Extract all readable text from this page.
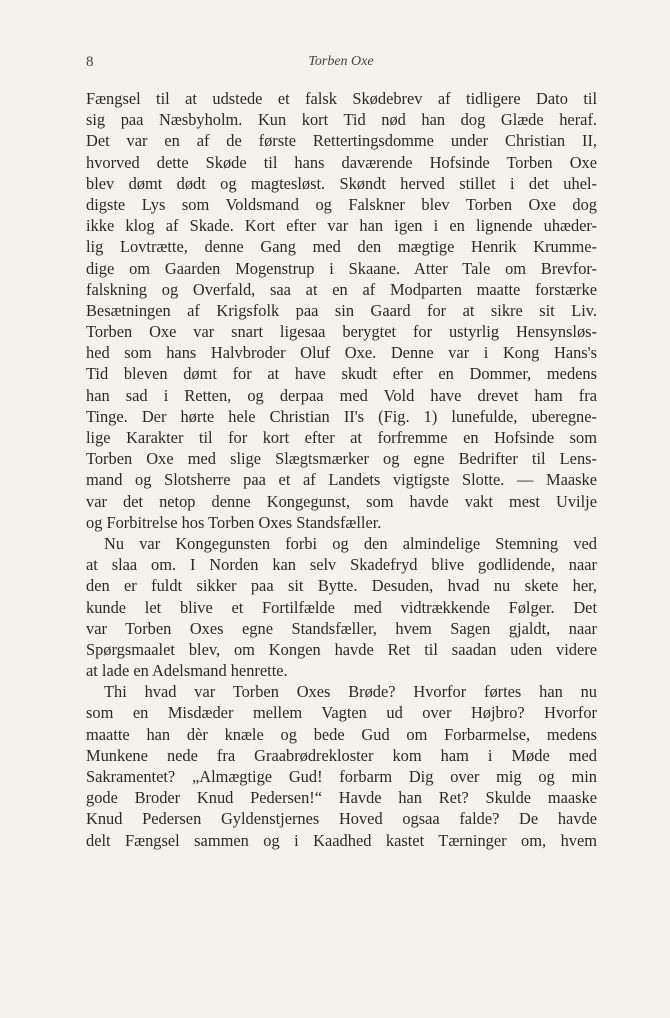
8	Torben Oxe
Fængsel til at udstede et falsk Skødebrev af tidligere Dato til
sig paa Næsbyholm. Kun kort Tid nød han dog Glæde heraf.
Det var en af de første Rettertingsdomme under Christian II,
hvorved dette Skøde til hans daværende Hofsinde Torben Oxe
blev dømt dødt og magtesløst. Skøndt herved stillet i det uhel-
digste Lys som Voldsmand og Falskner blev Torben Oxe dog
ikke klog af Skade. Kort efter var han igen i en lignende uhæder-
lig Lovtrætte, denne Gang med den mægtige Henrik Krumme-
dige om Gaarden Mogenstrup i Skaane. Atter Tale om Brevfor-
falskning og Overfald, saa at en af Modparten maatte forstærke
Besætningen af Krigsfolk paa sin Gaard for at sikre sit Liv.
Torben Oxe var snart ligesaa berygtet for ustyrlig Hensynsløs-
hed som hans Halvbroder Oluf Oxe. Denne var i Kong Hans's
Tid bleven dømt for at have skudt efter en Dommer, medens
han sad i Retten, og derpaa med Vold have drevet ham fra
Tinge. Der hørte hele Christian II's (Fig. 1) lunefulde, uberegne-
lige Karakter til for kort efter at forfremme en Hofsinde som
Torben Oxe med slige Slægtsmærker og egne Bedrifter til Lens-
mand og Slotsherre paa et af Landets vigtigste Slotte. — Maaske
var det netop denne Kongegunst, som havde vakt mest Uvilje
og Forbitrelse hos Torben Oxes Standsfæller.
Nu var Kongegunsten forbi og den almindelige Stemning ved
at slaa om. I Norden kan selv Skadefryd blive godlidende, naar
den er fuldt sikker paa sit Bytte. Desuden, hvad nu skete her,
kunde let blive et Fortilfælde med vidtrækkende Følger. Det
var Torben Oxes egne Standsfæller, hvem Sagen gjaldt, naar
Spørgsmaalet blev, om Kongen havde Ret til saadan uden videre
at lade en Adelsmand henrette.
Thi hvad var Torben Oxes Brøde? Hvorfor førtes han nu
som en Misdæder mellem Vagten ud over Højbro? Hvorfor
maatte han dèr knæle og bede Gud om Forbarmelse, medens
Munkene nede fra Graabrødrekloster kom ham i Møde med
Sakramentet? „Almægtige Gud! forbarm Dig over mig og min
gode Broder Knud Pedersen!“ Havde han Ret? Skulde maaske
Knud Pedersen Gyldenstjernes Hoved ogsaa falde? De havde
delt Fængsel sammen og i Kaadhed kastet Tærninger om, hvem
